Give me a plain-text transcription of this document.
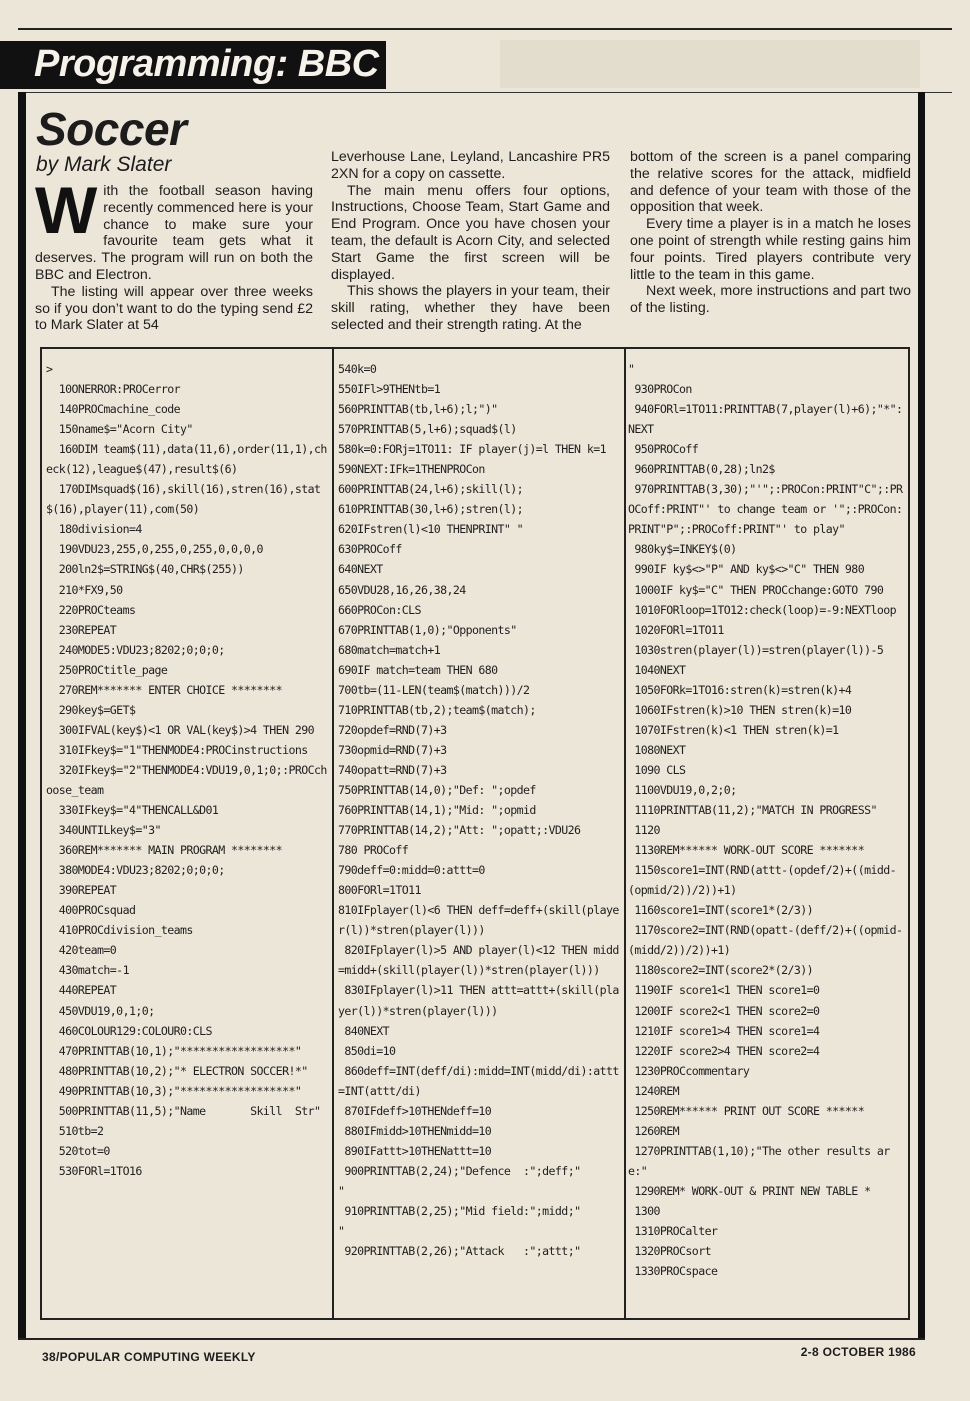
Programming: BBC
Soccer
by Mark Slater

With the football season having recently commenced here is your chance to make sure your favourite team gets what it deserves. The program will run on both the BBC and Electron.

The listing will appear over three weeks so if you don’t want to do the typing send £2 to Mark Slater at 54

Leverhouse Lane, Leyland, Lancashire PR5 2XN for a copy on cassette.

The main menu offers four options, Instructions, Choose Team, Start Game and End Program. Once you have chosen your team, the default is Acorn City, and selected Start Game the first screen will be displayed.

This shows the players in your team, their skill rating, whether they have been selected and their strength rating. At the

bottom of the screen is a panel comparing the relative scores for the attack, midfield and defence of your team with those of the opposition that week.

Every time a player is in a match he loses one point of strength while resting gains him four points. Tired players contribute very little to the team in this game.

Next week, more instructions and part two of the listing.

>
10ONERROR:PROCerror
140PROCmachine_code
150name$="Acorn City"
160DIM team$(11),data(11,6),order(11,1),check(12),league$(47),result$(6)
170DIMsquad$(16),skill(16),stren(16),stat$(16),player(11),com(50)
180division=4
190VDU23,255,0,255,0,255,0,0,0,0
200ln2$=STRING$(40,CHR$(255))
210*FX9,50
220PROCteams
230REPEAT
240MODE5:VDU23;8202;0;0;0;
250PROCtitle_page
270REM******* ENTER CHOICE ********
290key$=GET$
300IFVAL(key$)<1 OR VAL(key$)>4 THEN 290
310IFkey$="1"THENMODE4:PROCinstructions
320IFkey$="2"THENMODE4:VDU19,0,1;0;:PROCchoose_team
330IFkey$="4"THENCALL&D01
340UNTILkey$="3"
360REM******* MAIN PROGRAM ********
380MODE4:VDU23;8202;0;0;0;
390REPEAT
400PROCsquad
410PROCdivision_teams
420team=0
430match=-1
440REPEAT
450VDU19,0,1;0;
460COLOUR129:COLOUR0:CLS
470PRINTTAB(10,1);"******************"
480PRINTTAB(10,2);"* ELECTRON SOCCER!*"
490PRINTTAB(10,3);"******************"
500PRINTTAB(11,5);"Name       Skill  Str"
510tb=2
520tot=0
530FORl=1TO16
540k=0
550IFl>9THENtb=1
560PRINTTAB(tb,l+6);l;")"
570PRINTTAB(5,l+6);squad$(l)
580k=0:FORj=1TO11: IF player(j)=l THEN k=1
590NEXT:IFk=1THENPROCon
600PRINTTAB(24,l+6);skill(l);
610PRINTTAB(30,l+6);stren(l);
620IFstren(l)<10 THENPRINT" "
630PROCoff
640NEXT
650VDU28,16,26,38,24
660PROCon:CLS
670PRINTTAB(1,0);"Opponents"
680match=match+1
690IF match=team THEN 680
700tb=(11-LEN(team$(match)))/2
710PRINTTAB(tb,2);team$(match);
720opdef=RND(7)+3
730opmid=RND(7)+3
740opatt=RND(7)+3
750PRINTTAB(14,0);"Def: ";opdef
760PRINTTAB(14,1);"Mid: ";opmid
770PRINTTAB(14,2);"Att: ";opatt;:VDU26
780 PROCoff
790deff=0:midd=0:attt=0
800FORl=1TO11
810IFplayer(l)<6 THEN deff=deff+(skill(player(l))*stren(player(l)))
820IFplayer(l)>5 AND player(l)<12 THEN midd=midd+(skill(player(l))*stren(player(l)))
830IFplayer(l)>11 THEN attt=attt+(skill(player(l))*stren(player(l)))
840NEXT
850di=10
860deff=INT(deff/di):midd=INT(midd/di):attt=INT(attt/di)
870IFdeff>10THENdeff=10
880IFmidd>10THENmidd=10
890IFattt>10THENattt=10
900PRINTTAB(2,24);"Defence  :";deff;"
"
910PRINTTAB(2,25);"Mid field:";midd;"
"
920PRINTTAB(2,26);"Attack   :";attt;"
"
930PROCon
940FORl=1TO11:PRINTTAB(7,player(l)+6);"*":NEXT
950PROCoff
960PRINTTAB(0,28);ln2$
970PRINTTAB(3,30);"'";:PROCon:PRINT"C";:PROCoff:PRINT"' to change team or '";:PROCon:PRINT"P";:PROCoff:PRINT"' to play"
980ky$=INKEY$(0)
990IF ky$<>"P" AND ky$<>"C" THEN 980
1000IF ky$="C" THEN PROCchange:GOTO 790
1010FORloop=1TO12:check(loop)=-9:NEXTloop
1020FORl=1TO11
1030stren(player(l))=stren(player(l))-5
1040NEXT
1050FORk=1TO16:stren(k)=stren(k)+4
1060IFstren(k)>10 THEN stren(k)=10
1070IFstren(k)<1 THEN stren(k)=1
1080NEXT
1090 CLS
1100VDU19,0,2;0;
1110PRINTTAB(11,2);"MATCH IN PROGRESS"
1120
1130REM****** WORK-OUT SCORE *******
1150score1=INT(RND(attt-(opdef/2)+((midd-(opmid/2))/2))+1)
1160score1=INT(score1*(2/3))
1170score2=INT(RND(opatt-(deff/2)+((opmid-(midd/2))/2))+1)
1180score2=INT(score2*(2/3))
1190IF score1<1 THEN score1=0
1200IF score2<1 THEN score2=0
1210IF score1>4 THEN score1=4
1220IF score2>4 THEN score2=4
1230PROCcommentary
1240REM
1250REM****** PRINT OUT SCORE ******
1260REM
1270PRINTTAB(1,10);"The other results are:"
1290REM* WORK-OUT & PRINT NEW TABLE *
1300
1310PROCalter
1320PROCsort
1330PROCspace
38/POPULAR COMPUTING WEEKLY	2-8 OCTOBER 1986
